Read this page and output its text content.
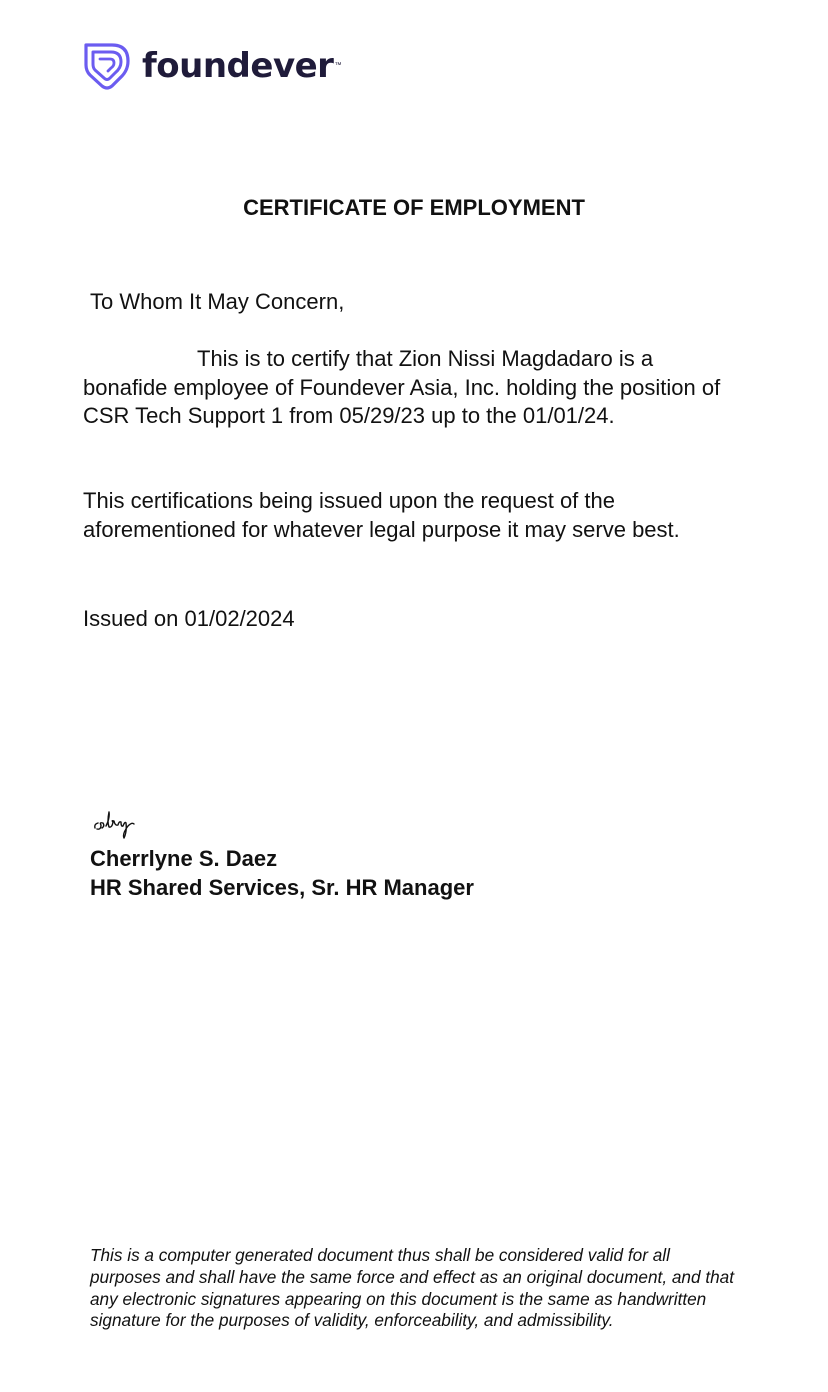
foundever ™
CERTIFICATE OF EMPLOYMENT
To Whom It May Concern,
This is to certify that Zion Nissi Magdadaro is a bonafide employee of Foundever Asia, Inc. holding the position of CSR Tech Support 1 from 05/29/23 up to the 01/01/24.
This certifications being issued upon the request of the aforementioned for whatever legal purpose it may serve best.
Issued on 01/02/2024
Cherrlyne S. Daez
HR Shared Services, Sr. HR Manager
This is a computer generated document thus shall be considered valid for all purposes and shall have the same force and effect as an original document, and that any electronic signatures appearing on this document is the same as handwritten signature for the purposes of validity, enforceability, and admissibility.
